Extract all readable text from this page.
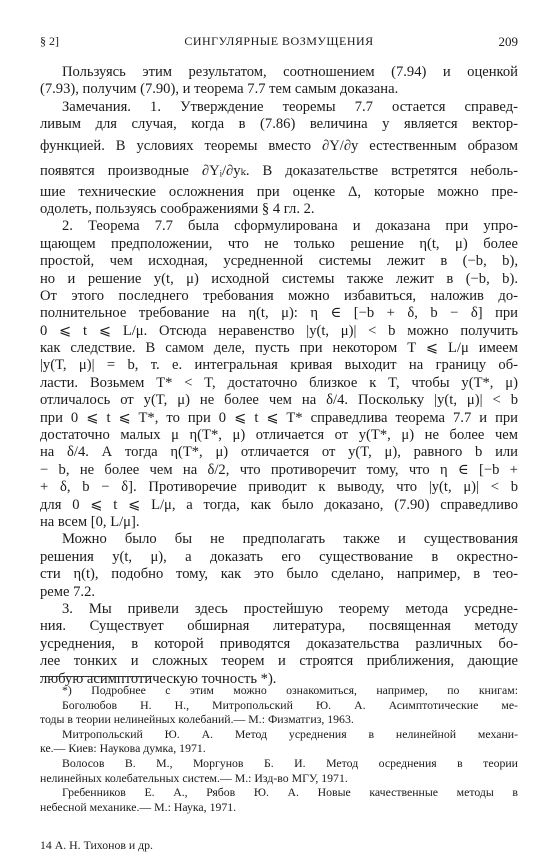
§ 2]	СИНГУЛЯРНЫЕ ВОЗМУЩЕНИЯ	209
Пользуясь этим результатом, соотношением (7.94) и оценкой
(7.93), получим (7.90), и теорема 7.7 тем самым доказана.
Замечания. 1. Утверждение теоремы 7.7 остается справед-
ливым для случая, когда в (7.86) величина y является вектор-
функцией. В условиях теоремы вместо ∂Y/∂y естественным образом
появятся производные ∂Yᵢ/∂yₖ. В доказательстве встретятся неболь-
шие технические осложнения при оценке Δ, которые можно пре-
одолеть, пользуясь соображениями § 4 гл. 2.
2. Теорема 7.7 была сформулирована и доказана при упро-
щающем предположении, что не только решение η(t, μ) более
простой, чем исходная, усредненной системы лежит в (−b, b),
но и решение y(t, μ) исходной системы также лежит в (−b, b).
От этого последнего требования можно избавиться, наложив до-
полнительное требование на η(t, μ): η ∈ [−b + δ, b − δ] при
0 ⩽ t ⩽ L/μ. Отсюда неравенство |y(t, μ)| < b можно получить
как следствие. В самом деле, пусть при некотором T ⩽ L/μ имеем
|y(T, μ)| = b, т. е. интегральная кривая выходит на границу об-
ласти. Возьмем T* < T, достаточно близкое к T, чтобы y(T*, μ)
отличалось от y(T, μ) не более чем на δ/4. Поскольку |y(t, μ)| < b
при 0 ⩽ t ⩽ T*, то при 0 ⩽ t ⩽ T* справедлива теорема 7.7 и при
достаточно малых μ η(T*, μ) отличается от y(T*, μ) не более чем
на δ/4. А тогда η(T*, μ) отличается от y(T, μ), равного b или
− b, не более чем на δ/2, что противоречит тому, что η ∈ [−b +
+ δ, b − δ]. Противоречие приводит к выводу, что |y(t, μ)| < b
для 0 ⩽ t ⩽ L/μ, а тогда, как было доказано, (7.90) справедливо
на всем [0, L/μ].
Можно было бы не предполагать также и существования
решения y(t, μ), а доказать его существование в окрестно-
сти η(t), подобно тому, как это было сделано, например, в тео-
реме 7.2.
3. Мы привели здесь простейшую теорему метода усредне-
ния. Существует обширная литература, посвященная методу
усреднения, в которой приводятся доказательства различных бо-
лее тонких и сложных теорем и строятся приближения, дающие
любую асимптотическую точность *).
*) Подробнее с этим можно ознакомиться, например, по книгам:
Боголюбов Н. Н., Митропольский Ю. А. Асимптотические ме-
тоды в теории нелинейных колебаний.— М.: Физматгиз, 1963.
Митропольский Ю. А. Метод усреднения в нелинейной механи-
ке.— Киев: Наукова думка, 1971.
Волосов В. М., Моргунов Б. И. Метод осреднения в теории
нелинейных колебательных систем.— М.: Изд-во МГУ, 1971.
Гребенников Е. А., Рябов Ю. А. Новые качественные методы в
небесной механике.— М.: Наука, 1971.
14 А. Н. Тихонов и др.
